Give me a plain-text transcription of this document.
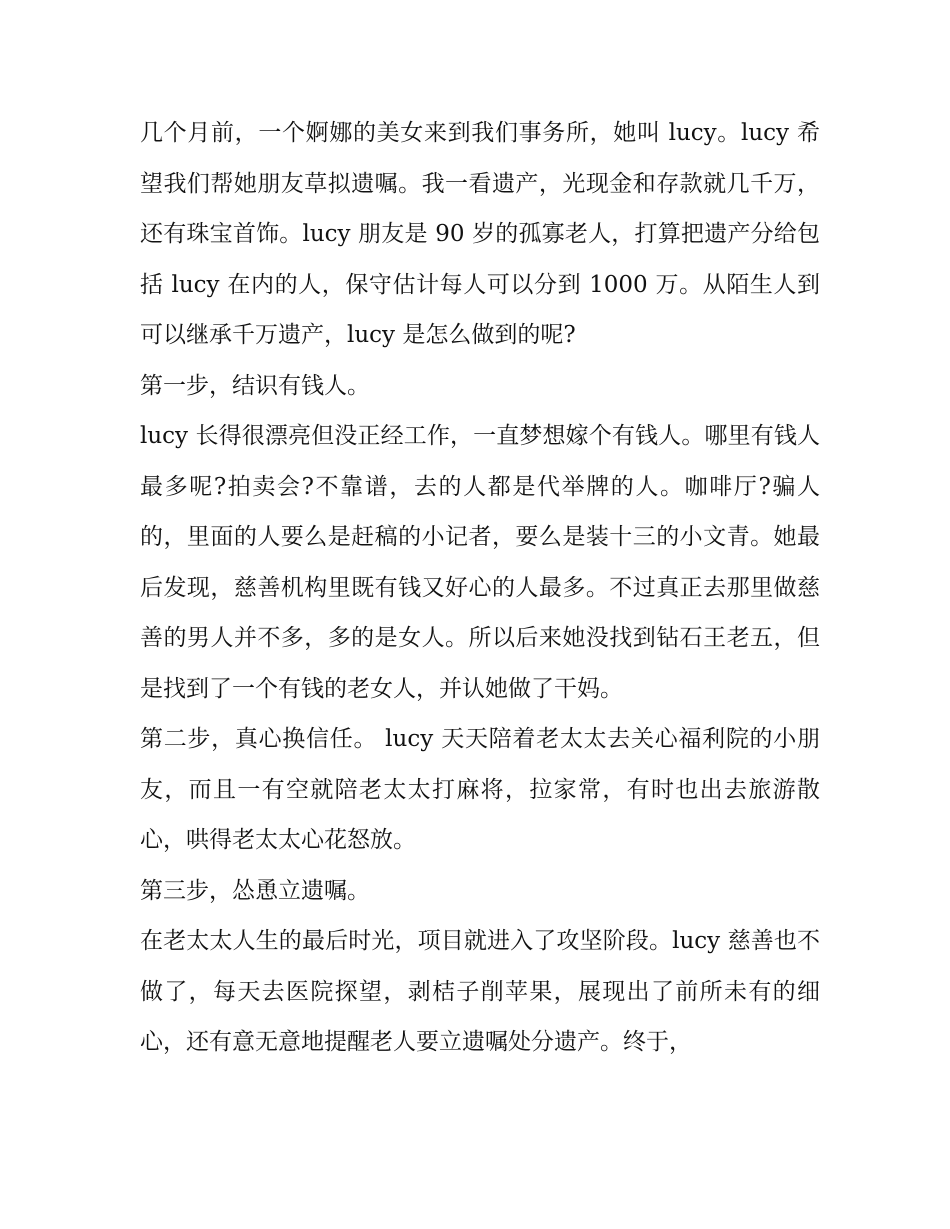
几个月前，一个婀娜的美女来到我们事务所，她叫 lucy。lucy 希望我们帮她朋友草拟遗嘱。我一看遗产，光现金和存款就几千万，还有珠宝首饰。lucy 朋友是 90 岁的孤寡老人，打算把遗产分给包括 lucy 在内的人，保守估计每人可以分到 1000 万。从陌生人到可以继承千万遗产，lucy 是怎么做到的呢?

第一步，结识有钱人。

lucy 长得很漂亮但没正经工作，一直梦想嫁个有钱人。哪里有钱人最多呢?拍卖会?不靠谱，去的人都是代举牌的人。咖啡厅?骗人的，里面的人要么是赶稿的小记者，要么是装十三的小文青。她最后发现，慈善机构里既有钱又好心的人最多。不过真正去那里做慈善的男人并不多，多的是女人。所以后来她没找到钻石王老五，但是找到了一个有钱的老女人，并认她做了干妈。

第二步，真心换信任。 lucy 天天陪着老太太去关心福利院的小朋友，而且一有空就陪老太太打麻将，拉家常，有时也出去旅游散心，哄得老太太心花怒放。

第三步，怂恿立遗嘱。

在老太太人生的最后时光，项目就进入了攻坚阶段。lucy 慈善也不做了，每天去医院探望，剥桔子削苹果，展现出了前所未有的细心，还有意无意地提醒老人要立遗嘱处分遗产。终于，
